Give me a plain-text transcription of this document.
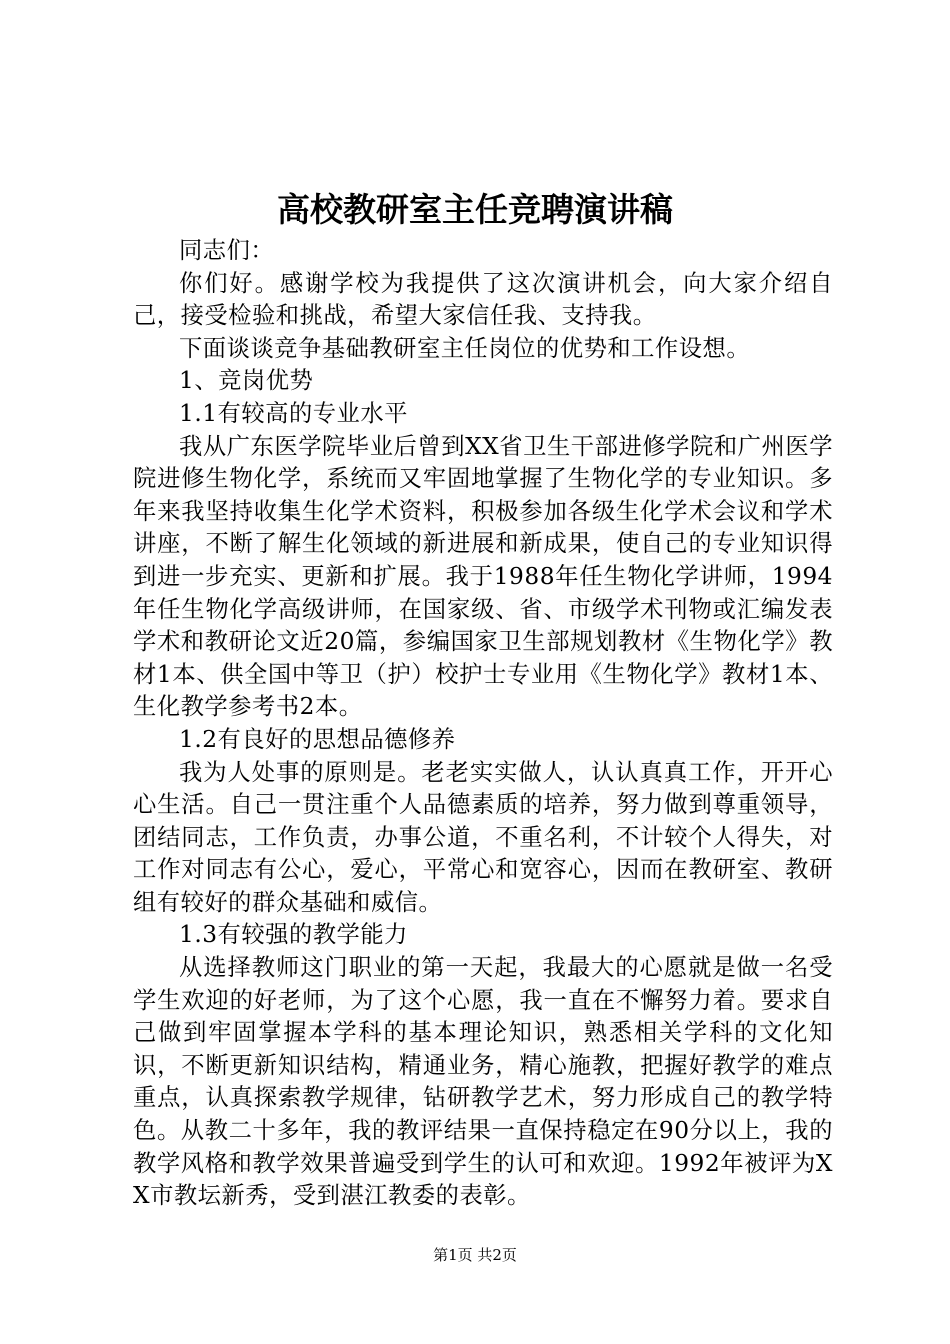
高校教研室主任竞聘演讲稿

同志们：

你们好。感谢学校为我提供了这次演讲机会，向大家介绍自己，接受检验和挑战，希望大家信任我、支持我。

下面谈谈竞争基础教研室主任岗位的优势和工作设想。

1、竞岗优势

1.1有较高的专业水平

我从广东医学院毕业后曾到XX省卫生干部进修学院和广州医学院进修生物化学，系统而又牢固地掌握了生物化学的专业知识。多年来我坚持收集生化学术资料，积极参加各级生化学术会议和学术讲座，不断了解生化领域的新进展和新成果，使自己的专业知识得到进一步充实、更新和扩展。我于1988年任生物化学讲师，1994年任生物化学高级讲师，在国家级、省、市级学术刊物或汇编发表学术和教研论文近20篇，参编国家卫生部规划教材《生物化学》教材1本、供全国中等卫（护）校护士专业用《生物化学》教材1本、生化教学参考书2本。

1.2有良好的思想品德修养

我为人处事的原则是。老老实实做人，认认真真工作，开开心心生活。自己一贯注重个人品德素质的培养，努力做到尊重领导，团结同志，工作负责，办事公道，不重名利，不计较个人得失，对工作对同志有公心，爱心，平常心和宽容心，因而在教研室、教研组有较好的群众基础和威信。

1.3有较强的教学能力

从选择教师这门职业的第一天起，我最大的心愿就是做一名受学生欢迎的好老师，为了这个心愿，我一直在不懈努力着。要求自己做到牢固掌握本学科的基本理论知识，熟悉相关学科的文化知识，不断更新知识结构，精通业务，精心施教，把握好教学的难点重点，认真探索教学规律，钻研教学艺术，努力形成自己的教学特色。从教二十多年，我的教评结果一直保持稳定在90分以上，我的教学风格和教学效果普遍受到学生的认可和欢迎。1992年被评为XX市教坛新秀，受到湛江教委的表彰。

第1页 共2页
